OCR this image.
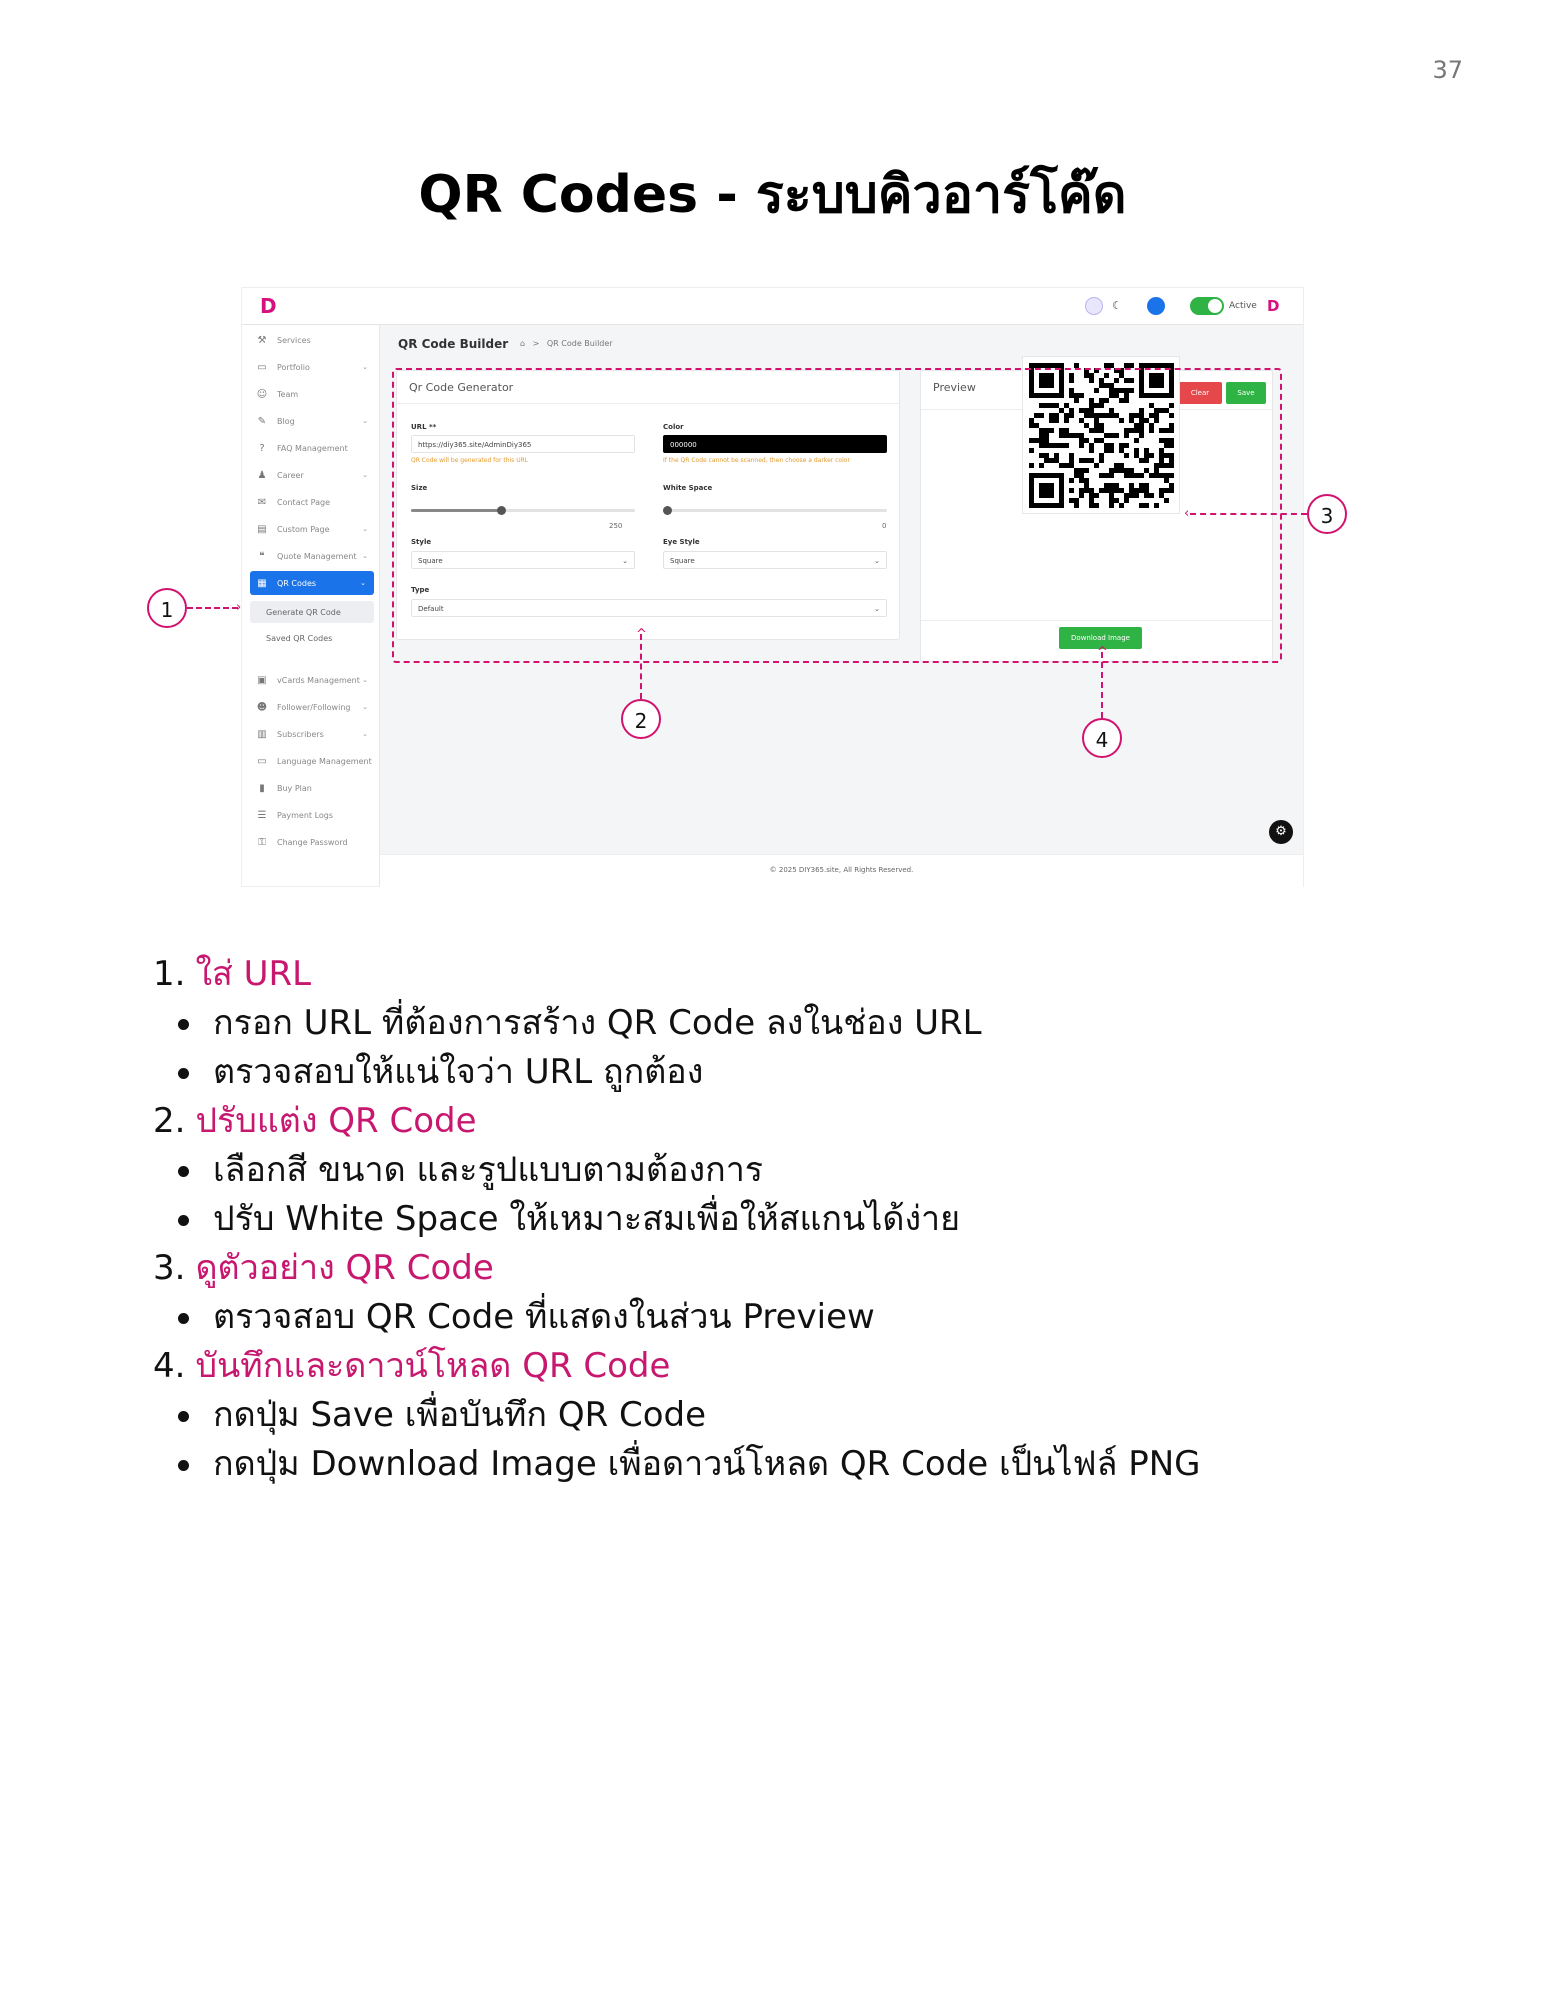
37
QR Codes - ระบบคิวอาร์โค๊ด
D	☾	Active D
⚒ Services
▭ Portfolio	⌄
☺ Team
✎ Blog	⌄
?	FAQ Management
♟ Career	⌄
✉ Contact Page
▤ Custom Page	⌄
❝	Quote Management ⌄
▦ QR Codes	⌄
Generate QR Code
Saved QR Codes
▣ vCards Management ⌄
☻ Follower/Following ⌄
▥ Subscribers	⌄
▭ Language Management
▮	Buy Plan
☰ Payment Logs
⚿ Change Password
QR Code Builder ⌂ > QR Code Builder
Qr Code Generator
URL **
https://diy365.site/AdminDiy365
QR Code will be generated for this URL
Color
000000
If the QR Code cannot be scanned, then choose a darker color
Size
250
White Space
0
Style
Square	⌄
Eye Style
Square	⌄
Type
Default	⌄
Preview	Clear	Save
Download Image
© 2025 DIY365.site, All Rights Reserved.
⚙
1	›
2
^
3
‹
4
^
1. ใส่ URL
กรอก URL ที่ต้องการสร้าง QR Code ลงในช่อง URL
ตรวจสอบให้แน่ใจว่า URL ถูกต้อง
2. ปรับแต่ง QR Code
เลือกสี ขนาด และรูปแบบตามต้องการ
ปรับ White Space ให้เหมาะสมเพื่อให้สแกนได้ง่าย
3. ดูตัวอย่าง QR Code
ตรวจสอบ QR Code ที่แสดงในส่วน Preview
4. บันทึกและดาวน์โหลด QR Code
กดปุ่ม Save เพื่อบันทึก QR Code
กดปุ่ม Download Image เพื่อดาวน์โหลด QR Code เป็นไฟล์ PNG
